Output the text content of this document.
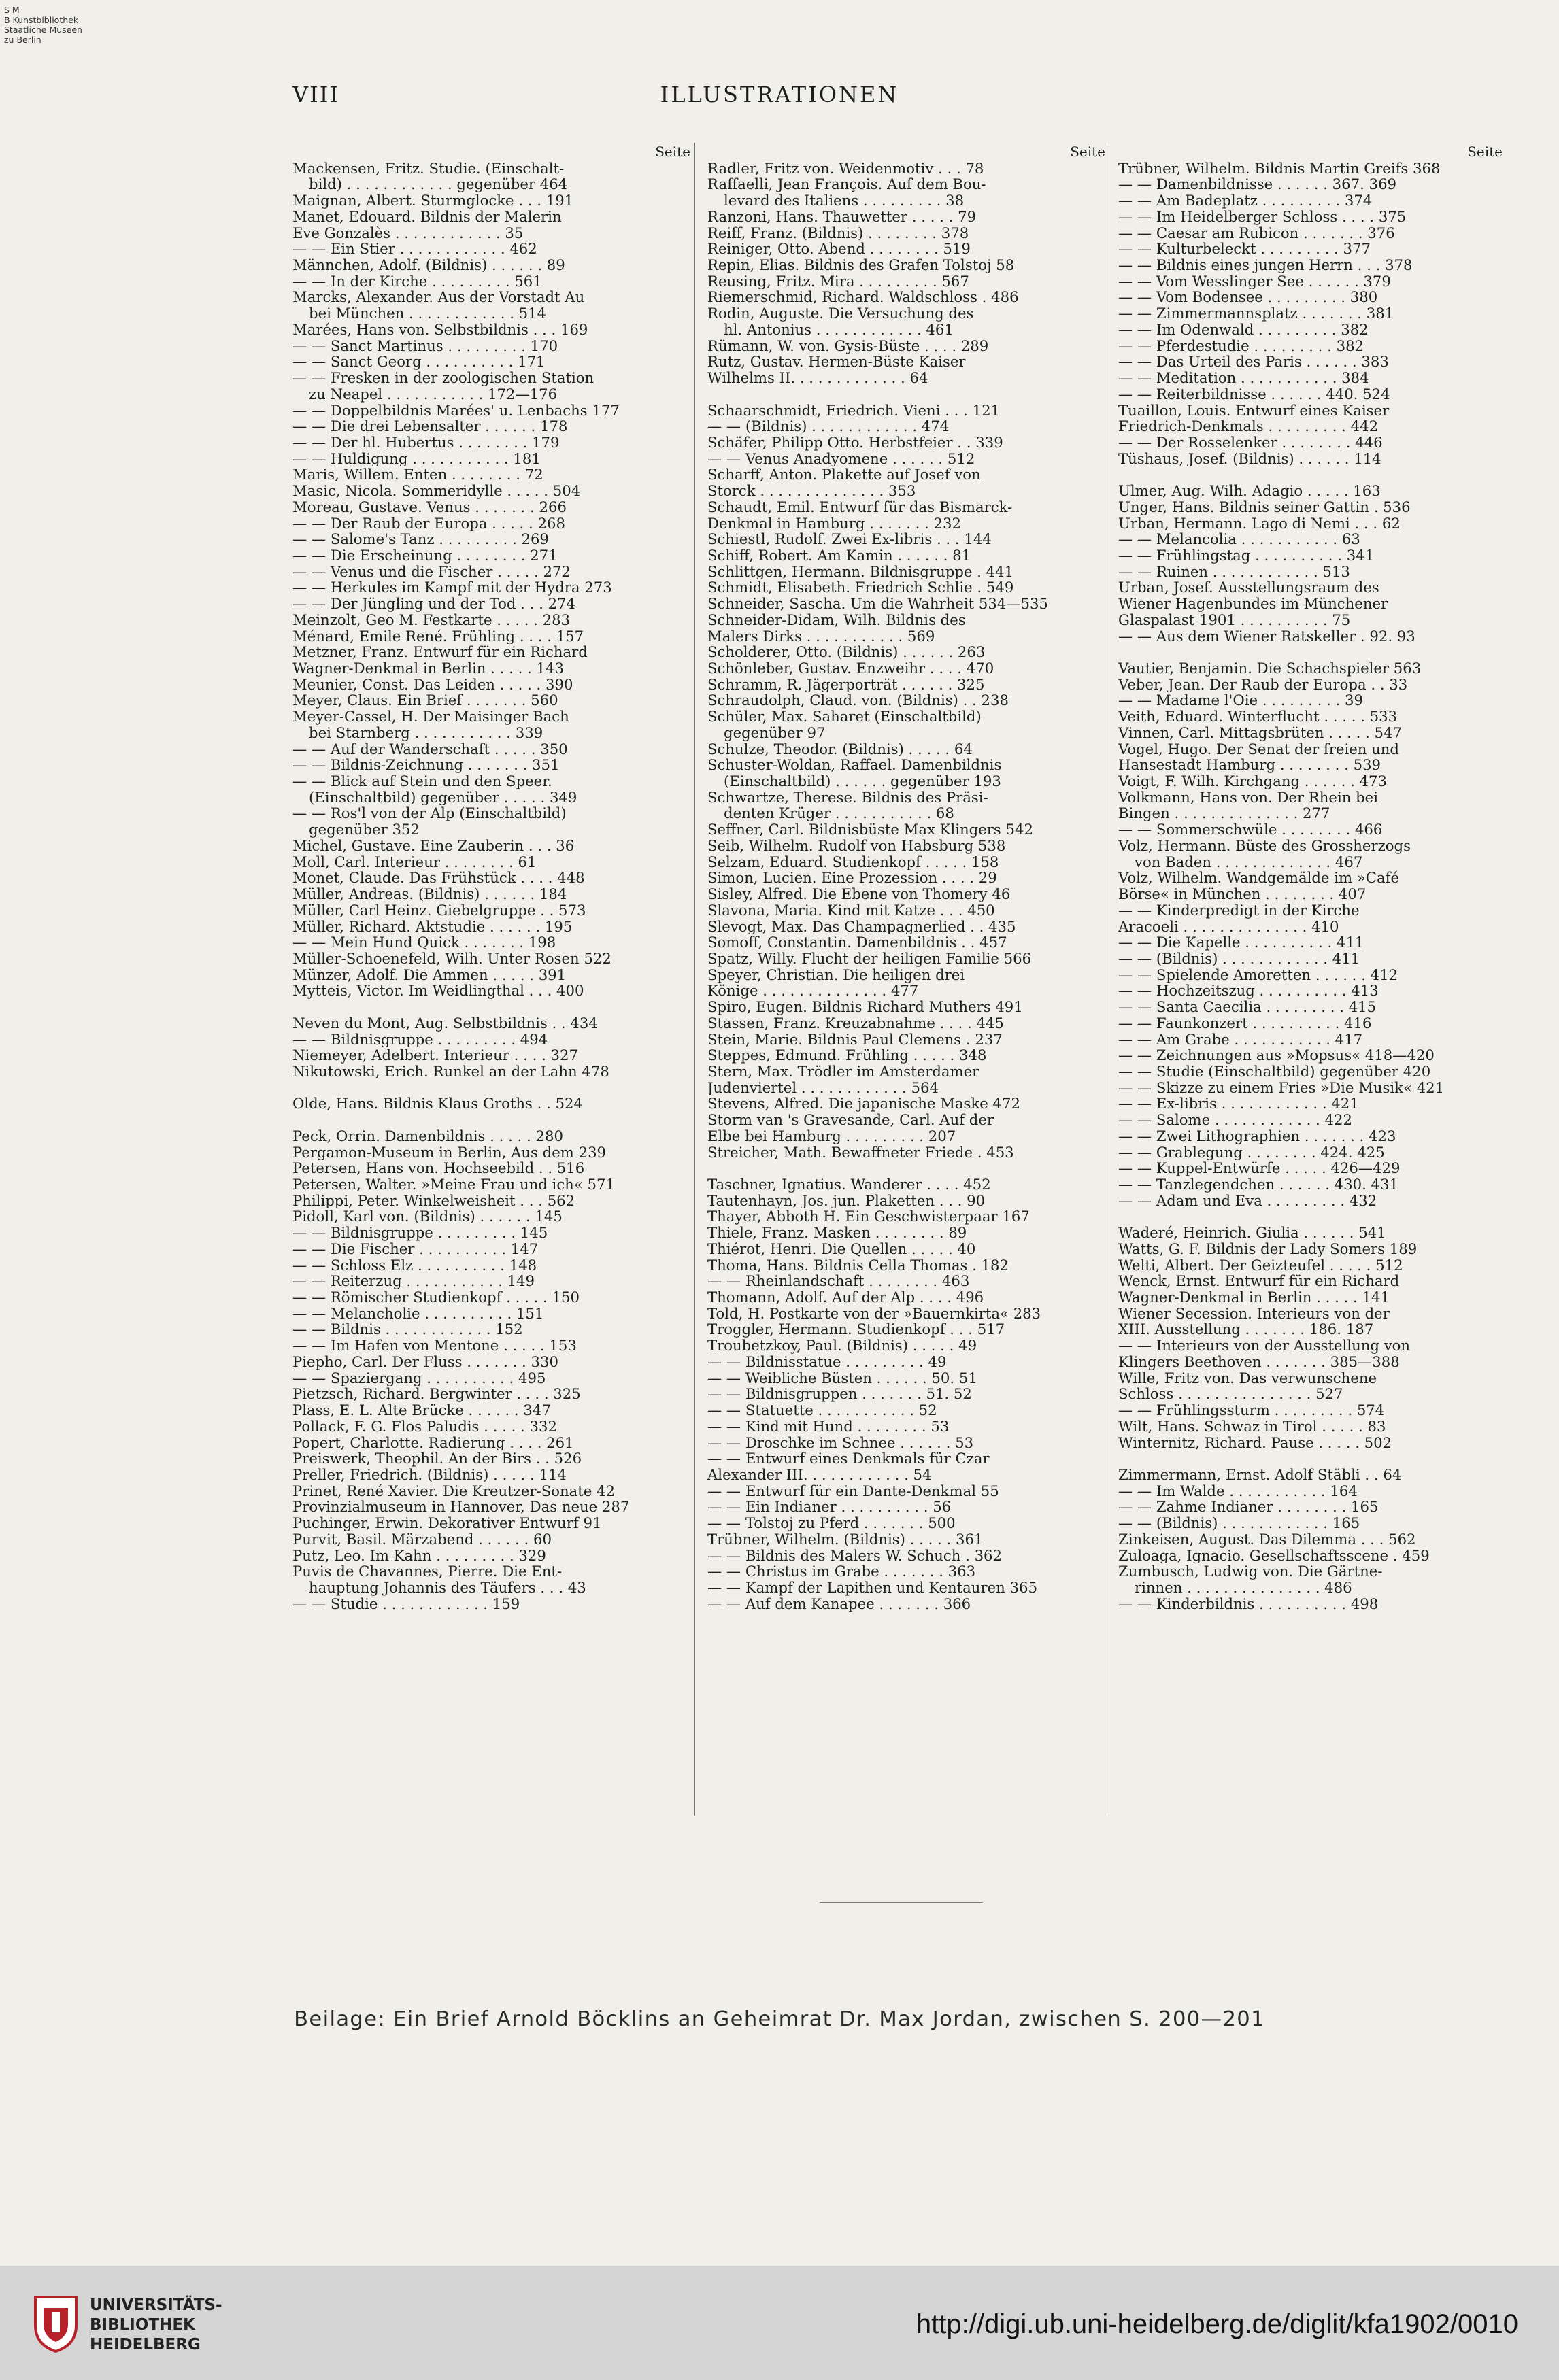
S M
B Kunstbibliothek
Staatliche Museen
zu Berlin
VIII	ILLUSTRATIONEN
Seite
Mackensen, Fritz. Studie. (Einschalt-
bild) . . . . . . . . . . . . gegenüber 464
Maignan, Albert. Sturmglocke . . . 191
Manet, Edouard. Bildnis der Malerin
Eve Gonzalès . . . . . . . . . . . . 35
— — Ein Stier . . . . . . . . . . . . 462
Männchen, Adolf. (Bildnis) . . . . . . 89
— — In der Kirche . . . . . . . . . 561
Marcks, Alexander. Aus der Vorstadt Au
bei München . . . . . . . . . . . . 514
Marées, Hans von. Selbstbildnis . . . 169
— — Sanct Martinus . . . . . . . . . 170
— — Sanct Georg . . . . . . . . . . 171
— — Fresken in der zoologischen Station
zu Neapel . . . . . . . . . . . 172—176
— — Doppelbildnis Marées' u. Lenbachs 177
— — Die drei Lebensalter . . . . . . 178
— — Der hl. Hubertus . . . . . . . . 179
— — Huldigung . . . . . . . . . . . 181
Maris, Willem. Enten . . . . . . . . 72
Masic, Nicola. Sommeridylle . . . . . 504
Moreau, Gustave. Venus . . . . . . . 266
— — Der Raub der Europa . . . . . 268
— — Salome's Tanz . . . . . . . . . 269
— — Die Erscheinung . . . . . . . . 271
— — Venus und die Fischer . . . . . 272
— — Herkules im Kampf mit der Hydra 273
— — Der Jüngling und der Tod . . . 274
Meinzolt, Geo M. Festkarte . . . . . 283
Ménard, Emile René. Frühling . . . . 157
Metzner, Franz. Entwurf für ein Richard
Wagner-Denkmal in Berlin . . . . . 143
Meunier, Const. Das Leiden . . . . . 390
Meyer, Claus. Ein Brief . . . . . . . 560
Meyer-Cassel, H. Der Maisinger Bach
bei Starnberg . . . . . . . . . . . 339
— — Auf der Wanderschaft . . . . . 350
— — Bildnis-Zeichnung . . . . . . . 351
— — Blick auf Stein und den Speer.
(Einschaltbild) gegenüber . . . . . 349
— — Ros'l von der Alp (Einschaltbild)
gegenüber 352
Michel, Gustave. Eine Zauberin . . . 36
Moll, Carl. Interieur . . . . . . . . 61
Monet, Claude. Das Frühstück . . . . 448
Müller, Andreas. (Bildnis) . . . . . . 184
Müller, Carl Heinz. Giebelgruppe . . 573
Müller, Richard. Aktstudie . . . . . . 195
— — Mein Hund Quick . . . . . . . 198
Müller-Schoenefeld, Wilh. Unter Rosen 522
Münzer, Adolf. Die Ammen . . . . . 391
Mytteis, Victor. Im Weidlingthal . . . 400
Neven du Mont, Aug. Selbstbildnis . . 434
— — Bildnisgruppe . . . . . . . . . 494
Niemeyer, Adelbert. Interieur . . . . 327
Nikutowski, Erich. Runkel an der Lahn 478
Olde, Hans. Bildnis Klaus Groths . . 524
Peck, Orrin. Damenbildnis . . . . . 280
Pergamon-Museum in Berlin, Aus dem 239
Petersen, Hans von. Hochseebild . . 516
Petersen, Walter. »Meine Frau und ich« 571
Philippi, Peter. Winkelweisheit . . . 562
Pidoll, Karl von. (Bildnis) . . . . . . 145
— — Bildnisgruppe . . . . . . . . . 145
— — Die Fischer . . . . . . . . . . 147
— — Schloss Elz . . . . . . . . . . 148
— — Reiterzug . . . . . . . . . . . 149
— — Römischer Studienkopf . . . . . 150
— — Melancholie . . . . . . . . . . 151
— — Bildnis . . . . . . . . . . . . 152
— — Im Hafen von Mentone . . . . . 153
Piepho, Carl. Der Fluss . . . . . . . 330
— — Spaziergang . . . . . . . . . . 495
Pietzsch, Richard. Bergwinter . . . . 325
Plass, E. L. Alte Brücke . . . . . . 347
Pollack, F. G. Flos Paludis . . . . . 332
Popert, Charlotte. Radierung . . . . 261
Preiswerk, Theophil. An der Birs . . 526
Preller, Friedrich. (Bildnis) . . . . . 114
Prinet, René Xavier. Die Kreutzer-Sonate 42
Provinzialmuseum in Hannover, Das neue 287
Puchinger, Erwin. Dekorativer Entwurf 91
Purvit, Basil. Märzabend . . . . . . 60
Putz, Leo. Im Kahn . . . . . . . . . 329
Puvis de Chavannes, Pierre. Die Ent-
hauptung Johannis des Täufers . . . 43
— — Studie . . . . . . . . . . . . 159
Seite
Radler, Fritz von. Weidenmotiv . . . 78
Raffaelli, Jean François. Auf dem Bou-
levard des Italiens . . . . . . . . . 38
Ranzoni, Hans. Thauwetter . . . . . 79
Reiff, Franz. (Bildnis) . . . . . . . . 378
Reiniger, Otto. Abend . . . . . . . . 519
Repin, Elias. Bildnis des Grafen Tolstoj 58
Reusing, Fritz. Mira . . . . . . . . . 567
Riemerschmid, Richard. Waldschloss . 486
Rodin, Auguste. Die Versuchung des
hl. Antonius . . . . . . . . . . . . 461
Rümann, W. von. Gysis-Büste . . . . 289
Rutz, Gustav. Hermen-Büste Kaiser
Wilhelms II. . . . . . . . . . . . . 64
Schaarschmidt, Friedrich. Vieni . . . 121
— — (Bildnis) . . . . . . . . . . . . 474
Schäfer, Philipp Otto. Herbstfeier . . 339
— — Venus Anadyomene . . . . . . 512
Scharff, Anton. Plakette auf Josef von
Storck . . . . . . . . . . . . . . 353
Schaudt, Emil. Entwurf für das Bismarck-
Denkmal in Hamburg . . . . . . . 232
Schiestl, Rudolf. Zwei Ex-libris . . . 144
Schiff, Robert. Am Kamin . . . . . . 81
Schlittgen, Hermann. Bildnisgruppe . 441
Schmidt, Elisabeth. Friedrich Schlie . 549
Schneider, Sascha. Um die Wahrheit 534—535
Schneider-Didam, Wilh. Bildnis des
Malers Dirks . . . . . . . . . . . 569
Scholderer, Otto. (Bildnis) . . . . . . 263
Schönleber, Gustav. Enzweihr . . . . 470
Schramm, R. Jägerporträt . . . . . . 325
Schraudolph, Claud. von. (Bildnis) . . 238
Schüler, Max. Saharet (Einschaltbild)
gegenüber 97
Schulze, Theodor. (Bildnis) . . . . . 64
Schuster-Woldan, Raffael. Damenbildnis
(Einschaltbild) . . . . . . gegenüber 193
Schwartze, Therese. Bildnis des Präsi-
denten Krüger . . . . . . . . . . . 68
Seffner, Carl. Bildnisbüste Max Klingers 542
Seib, Wilhelm. Rudolf von Habsburg 538
Selzam, Eduard. Studienkopf . . . . . 158
Simon, Lucien. Eine Prozession . . . . 29
Sisley, Alfred. Die Ebene von Thomery 46
Slavona, Maria. Kind mit Katze . . . 450
Slevogt, Max. Das Champagnerlied . . 435
Somoff, Constantin. Damenbildnis . . 457
Spatz, Willy. Flucht der heiligen Familie 566
Speyer, Christian. Die heiligen drei
Könige . . . . . . . . . . . . . . 477
Spiro, Eugen. Bildnis Richard Muthers 491
Stassen, Franz. Kreuzabnahme . . . . 445
Stein, Marie. Bildnis Paul Clemens . 237
Steppes, Edmund. Frühling . . . . . 348
Stern, Max. Trödler im Amsterdamer
Judenviertel . . . . . . . . . . . . 564
Stevens, Alfred. Die japanische Maske 472
Storm van 's Gravesande, Carl. Auf der
Elbe bei Hamburg . . . . . . . . . 207
Streicher, Math. Bewaffneter Friede . 453
Taschner, Ignatius. Wanderer . . . . 452
Tautenhayn, Jos. jun. Plaketten . . . 90
Thayer, Abboth H. Ein Geschwisterpaar 167
Thiele, Franz. Masken . . . . . . . . 89
Thiérot, Henri. Die Quellen . . . . . 40
Thoma, Hans. Bildnis Cella Thomas . 182
— — Rheinlandschaft . . . . . . . . 463
Thomann, Adolf. Auf der Alp . . . . 496
Told, H. Postkarte von der »Bauernkirta« 283
Troggler, Hermann. Studienkopf . . . 517
Troubetzkoy, Paul. (Bildnis) . . . . . 49
— — Bildnisstatue . . . . . . . . . 49
— — Weibliche Büsten . . . . . . 50. 51
— — Bildnisgruppen . . . . . . . 51. 52
— — Statuette . . . . . . . . . . . 52
— — Kind mit Hund . . . . . . . . 53
— — Droschke im Schnee . . . . . . 53
— — Entwurf eines Denkmals für Czar
Alexander III. . . . . . . . . . . . 54
— — Entwurf für ein Dante-Denkmal 55
— — Ein Indianer . . . . . . . . . . 56
— — Tolstoj zu Pferd . . . . . . . 500
Trübner, Wilhelm. (Bildnis) . . . . . 361
— — Bildnis des Malers W. Schuch . 362
— — Christus im Grabe . . . . . . . 363
— — Kampf der Lapithen und Kentauren 365
— — Auf dem Kanapee . . . . . . . 366
Seite
Trübner, Wilhelm. Bildnis Martin Greifs 368
— — Damenbildnisse . . . . . . 367. 369
— — Am Badeplatz . . . . . . . . . 374
— — Im Heidelberger Schloss . . . . 375
— — Caesar am Rubicon . . . . . . . 376
— — Kulturbeleckt . . . . . . . . . 377
— — Bildnis eines jungen Herrn . . . 378
— — Vom Wesslinger See . . . . . . 379
— — Vom Bodensee . . . . . . . . . 380
— — Zimmermannsplatz . . . . . . . 381
— — Im Odenwald . . . . . . . . . 382
— — Pferdestudie . . . . . . . . . 382
— — Das Urteil des Paris . . . . . . 383
— — Meditation . . . . . . . . . . . 384
— — Reiterbildnisse . . . . . . 440. 524
Tuaillon, Louis. Entwurf eines Kaiser
Friedrich-Denkmals . . . . . . . . . 442
— — Der Rosselenker . . . . . . . . 446
Tüshaus, Josef. (Bildnis) . . . . . . 114
Ulmer, Aug. Wilh. Adagio . . . . . 163
Unger, Hans. Bildnis seiner Gattin . 536
Urban, Hermann. Lago di Nemi . . . 62
— — Melancolia . . . . . . . . . . . 63
— — Frühlingstag . . . . . . . . . . 341
— — Ruinen . . . . . . . . . . . . 513
Urban, Josef. Ausstellungsraum des
Wiener Hagenbundes im Münchener
Glaspalast 1901 . . . . . . . . . . 75
— — Aus dem Wiener Ratskeller . 92. 93
Vautier, Benjamin. Die Schachspieler 563
Veber, Jean. Der Raub der Europa . . 33
— — Madame l'Oie . . . . . . . . . 39
Veith, Eduard. Winterflucht . . . . . 533
Vinnen, Carl. Mittagsbrüten . . . . . 547
Vogel, Hugo. Der Senat der freien und
Hansestadt Hamburg . . . . . . . . 539
Voigt, F. Wilh. Kirchgang . . . . . . 473
Volkmann, Hans von. Der Rhein bei
Bingen . . . . . . . . . . . . . . 277
— — Sommerschwüle . . . . . . . . 466
Volz, Hermann. Büste des Grossherzogs
von Baden . . . . . . . . . . . . . 467
Volz, Wilhelm. Wandgemälde im »Café
Börse« in München . . . . . . . . 407
— — Kinderpredigt in der Kirche
Aracoeli . . . . . . . . . . . . . . 410
— — Die Kapelle . . . . . . . . . . 411
— — (Bildnis) . . . . . . . . . . . . 411
— — Spielende Amoretten . . . . . . 412
— — Hochzeitszug . . . . . . . . . . 413
— — Santa Caecilia . . . . . . . . . 415
— — Faunkonzert . . . . . . . . . . 416
— — Am Grabe . . . . . . . . . . . 417
— — Zeichnungen aus »Mopsus« 418—420
— — Studie (Einschaltbild) gegenüber 420
— — Skizze zu einem Fries »Die Musik« 421
— — Ex-libris . . . . . . . . . . . . 421
— — Salome . . . . . . . . . . . . 422
— — Zwei Lithographien . . . . . . . 423
— — Grablegung . . . . . . . . 424. 425
— — Kuppel-Entwürfe . . . . . 426—429
— — Tanzlegendchen . . . . . . 430. 431
— — Adam und Eva . . . . . . . . . 432
Waderé, Heinrich. Giulia . . . . . . 541
Watts, G. F. Bildnis der Lady Somers 189
Welti, Albert. Der Geizteufel . . . . . 512
Wenck, Ernst. Entwurf für ein Richard
Wagner-Denkmal in Berlin . . . . . 141
Wiener Secession. Interieurs von der
XIII. Ausstellung . . . . . . . 186. 187
— — Interieurs von der Ausstellung von
Klingers Beethoven . . . . . . . 385—388
Wille, Fritz von. Das verwunschene
Schloss . . . . . . . . . . . . . . . 527
— — Frühlingssturm . . . . . . . . . 574
Wilt, Hans. Schwaz in Tirol . . . . . 83
Winternitz, Richard. Pause . . . . . 502
Zimmermann, Ernst. Adolf Stäbli . . 64
— — Im Walde . . . . . . . . . . . 164
— — Zahme Indianer . . . . . . . . 165
— — (Bildnis) . . . . . . . . . . . . 165
Zinkeisen, August. Das Dilemma . . . 562
Zuloaga, Ignacio. Gesellschaftsscene . 459
Zumbusch, Ludwig von. Die Gärtne-
rinnen . . . . . . . . . . . . . . . 486
— — Kinderbildnis . . . . . . . . . . 498
Beilage: Ein Brief Arnold Böcklins an Geheimrat Dr. Max Jordan, zwischen S. 200—201
UNIVERSITÄTS-
BIBLIOTHEK
HEIDELBERG
http://digi.ub.uni-heidelberg.de/diglit/kfa1902/0010
